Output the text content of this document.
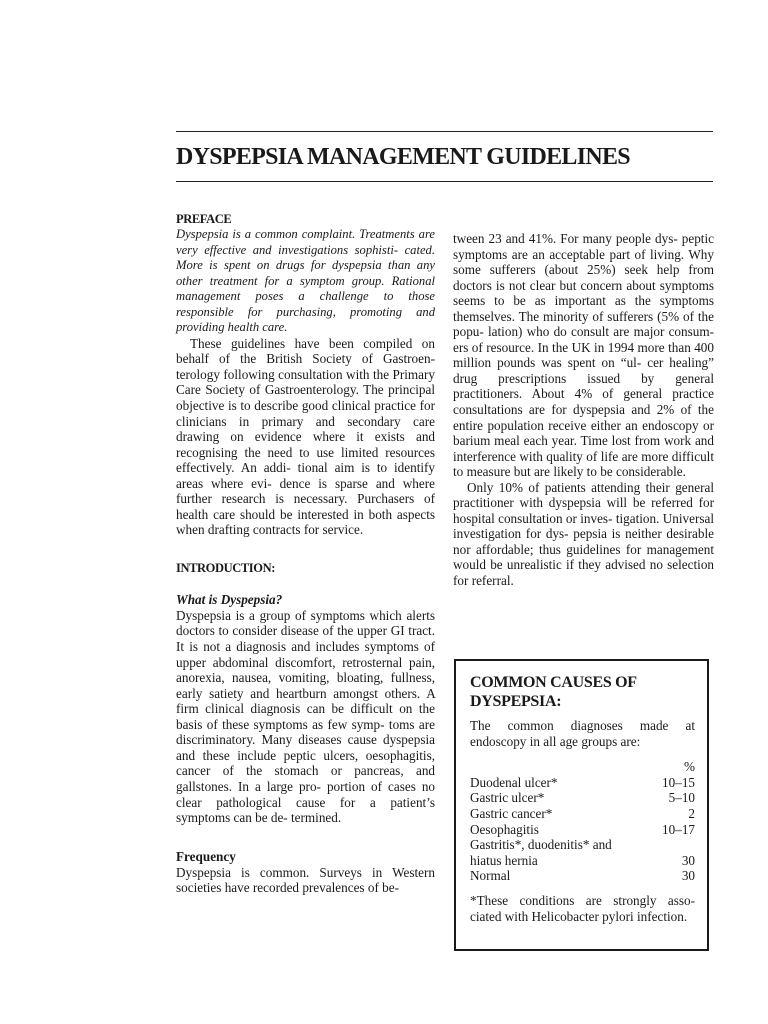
DYSPEPSIA MANAGEMENT GUIDELINES
PREFACE

Dyspepsia is a common complaint. Treatments are very effective and investigations sophisti- cated. More is spent on drugs for dyspepsia than any other treatment for a symptom group. Rational management poses a challenge to those responsible for purchasing, promoting and providing health care.

These guidelines have been compiled on behalf of the British Society of Gastroen- terology following consultation with the Primary Care Society of Gastroenterology. The principal objective is to describe good clinical practice for clinicians in primary and secondary care drawing on evidence where it exists and recognising the need to use limited resources effectively. An addi- tional aim is to identify areas where evi- dence is sparse and where further research is necessary. Purchasers of health care should be interested in both aspects when drafting contracts for service.

INTRODUCTION:
What is Dyspepsia?

Dyspepsia is a group of symptoms which alerts doctors to consider disease of the upper GI tract. It is not a diagnosis and includes symptoms of upper abdominal discomfort, retrosternal pain, anorexia, nausea, vomiting, bloating, fullness, early satiety and heartburn amongst others. A firm clinical diagnosis can be difficult on the basis of these symptoms as few symp- toms are discriminatory. Many diseases cause dyspepsia and these include peptic ulcers, oesophagitis, cancer of the stomach or pancreas, and gallstones. In a large pro- portion of cases no clear pathological cause for a patient’s symptoms can be de- termined.

Frequency

Dyspepsia is common. Surveys in Western societies have recorded prevalences of be-

tween 23 and 41%. For many people dys- peptic symptoms are an acceptable part of living. Why some sufferers (about 25%) seek help from doctors is not clear but concern about symptoms seems to be as important as the symptoms themselves. The minority of sufferers (5% of the popu- lation) who do consult are major consum- ers of resource. In the UK in 1994 more than 400 million pounds was spent on “ul- cer healing” drug prescriptions issued by general practitioners. About 4% of general practice consultations are for dyspepsia and 2% of the entire population receive either an endoscopy or barium meal each year. Time lost from work and interference with quality of life are more difficult to measure but are likely to be considerable.

Only 10% of patients attending their general practitioner with dyspepsia will be referred for hospital consultation or inves- tigation. Universal investigation for dys- pepsia is neither desirable nor affordable; thus guidelines for management would be unrealistic if they advised no selection for referral.

COMMON CAUSES OF
DYSPEPSIA:

The common diagnoses made at endoscopy in all age groups are:

%
Duodenal ulcer*	10–15
Gastric ulcer*	5–10
Gastric cancer*	2
Oesophagitis	10–17
Gastritis*, duodenitis* and	
hiatus hernia	30
Normal	30

*These conditions are strongly asso- ciated with Helicobacter pylori infection.
